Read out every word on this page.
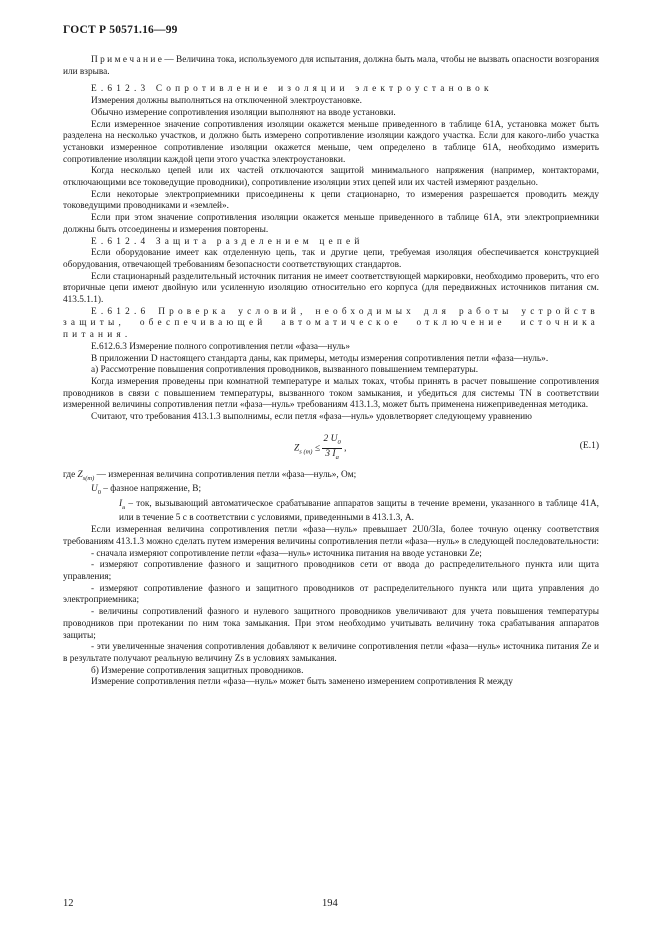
ГОСТ Р 50571.16—99

П р и м е ч а н и е — Величина тока, используемого для испытания, должна быть мала, чтобы не вызвать опасности возгорания или взрыва.

Е.612.3 Сопротивление изоляции электроустановок

Измерения должны выполняться на отключенной электроустановке.

Обычно измерение сопротивления изоляции выполняют на вводе установки.

Если измеренное значение сопротивления изоляции окажется меньше приведенного в таблице 61А, установка может быть разделена на несколько участков, и должно быть измерено сопротивление изоляции каждого участка. Если для какого-либо участка установки измеренное сопротивление изоляции окажется меньше, чем определено в таблице 61А, необходимо измерить сопротивление изоляции каждой цепи этого участка электроустановки.

Когда несколько цепей или их частей отключаются защитой минимального напряжения (например, контакторами, отключающими все токоведущие проводники), сопротивление изоляции этих цепей или их частей измеряют раздельно.

Если некоторые электроприемники присоединены к цепи стационарно, то измерения разрешается проводить между токоведущими проводниками и «землей».

Если при этом значение сопротивления изоляции окажется меньше приведенного в таблице 61А, эти электроприемники должны быть отсоединены и измерения повторены.

Е.612.4 Защита разделением цепей

Если оборудование имеет как отделенную цепь, так и другие цепи, требуемая изоляция обеспечивается конструкцией оборудования, отвечающей требованиям безопасности соответствующих стандартов.

Если стационарный разделительный источник питания не имеет соответствующей маркировки, необходимо проверить, что его вторичные цепи имеют двойную или усиленную изоляцию относительно его корпуса (для передвижных источников питания см. 413.5.1.1).

Е.612.6 Проверка условий, необходимых для работы устройств защиты, обеспечивающей автоматическое отключение источника питания.

Е.612.6.3 Измерение полного сопротивления петли «фаза—нуль»

В приложении D настоящего стандарта даны, как примеры, методы измерения сопротивления петли «фаза—нуль».

а) Рассмотрение повышения сопротивления проводников, вызванного повышением температуры.

Когда измерения проведены при комнатной температуре и малых токах, чтобы принять в расчет повышение сопротивления проводников в связи с повышением температуры, вызванного током замыкания, и убедиться для системы TN в соответствии измеренной величины сопротивления петли «фаза—нуль» требованиям 413.1.3, может быть применена нижеприведенная методика.

Считают, что требования 413.1.3 выполнимы, если петля «фаза—нуль» удовлетворяет следующему уравнению

$Z_{s (m)} \le \frac{2 U_0}{3 I_a}$ ,	(Е.1)

где $Z_{s(m)}$ — измеренная величина сопротивления петли «фаза—нуль», Ом;

$U_0$ – фазное напряжение, В;

$I_a$ – ток, вызывающий автоматическое срабатывание аппаратов защиты в течение времени, указанного в таблице 41А, или в течение 5 с в соответствии с условиями, приведенными в 413.1.3, А.

Если измеренная величина сопротивления петли «фаза—нуль» превышает 2U0/3Ia, более точную оценку соответствия требованиям 413.1.3 можно сделать путем измерения величины сопротивления петли «фаза—нуль» в следующей последовательности:

- сначала измеряют сопротивление петли «фаза—нуль» источника питания на вводе установки Ze;

- измеряют сопротивление фазного и защитного проводников сети от ввода до распределительного пункта или щита управления;

- измеряют сопротивление фазного и защитного проводников от распределительного пункта или щита управления до электроприемника;

- величины сопротивлений фазного и нулевого защитного проводников увеличивают для учета повышения температуры проводников при протекании по ним тока замыкания. При этом необходимо учитывать величину тока срабатывания аппаратов защиты;

- эти увеличенные значения сопротивления добавляют к величине сопротивления петли «фаза—нуль» источника питания Ze и в результате получают реальную величину Zs в условиях замыкания.

б) Измерение сопротивления защитных проводников.

Измерение сопротивления петли «фаза—нуль» может быть заменено измерением сопротивления R между

12	194
